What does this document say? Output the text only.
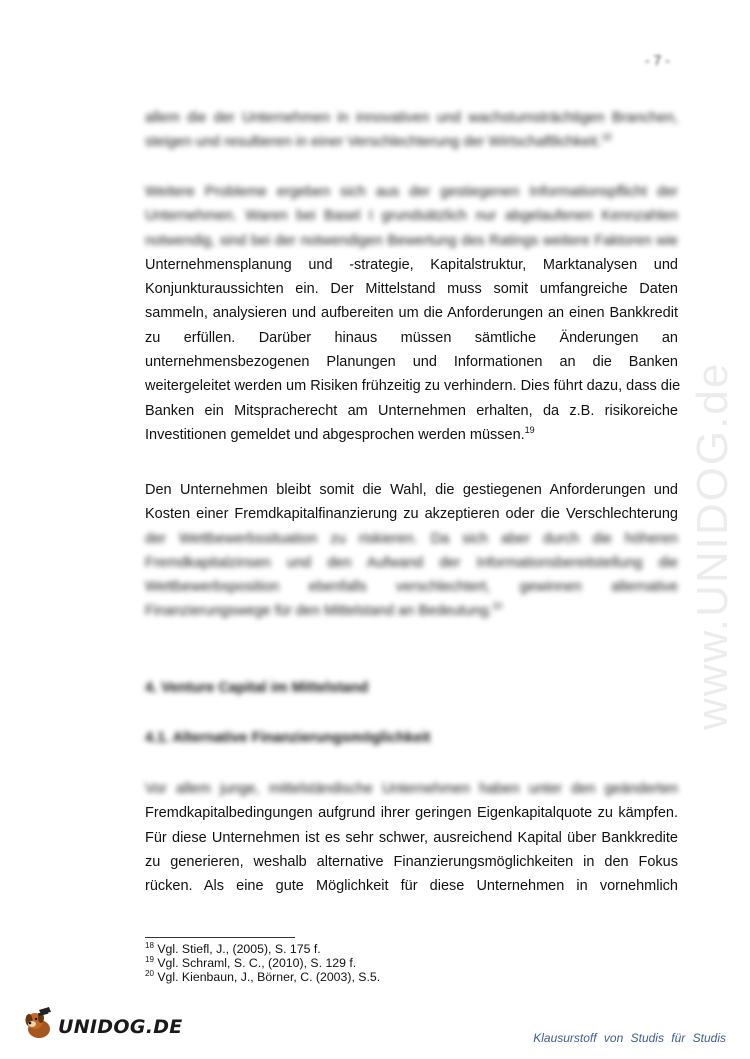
- 7 -
allem die der Unternehmen in innovativen und wachstumsträchtigen Branchen,
steigen und resultieren in einer Verschlechterung der Wirtschaftlichkeit.$^{18}$
Weitere Probleme ergeben sich aus der gestiegenen Informationspflicht der
Unternehmen. Waren bei Basel I grundsätzlich nur abgelaufenen Kennzahlen
notwendig, sind bei der notwendigen Bewertung des Ratings weitere Faktoren wie
Unternehmensplanung und -strategie, Kapitalstruktur, Marktanalysen und
Konjunkturaussichten ein. Der Mittelstand muss somit umfangreiche Daten
sammeln, analysieren und aufbereiten um die Anforderungen an einen Bankkredit
zu erfüllen. Darüber hinaus müssen sämtliche Änderungen an
unternehmensbezogenen Planungen und Informationen an die Banken
weitergeleitet werden um Risiken frühzeitig zu verhindern. Dies führt dazu, dass die
Banken ein Mitspracherecht am Unternehmen erhalten, da z.B. risikoreiche
Investitionen gemeldet und abgesprochen werden müssen.$^{19}$
Den Unternehmen bleibt somit die Wahl, die gestiegenen Anforderungen und
Kosten einer Fremdkapitalfinanzierung zu akzeptieren oder die Verschlechterung
der Wettbewerbssituation zu riskieren. Da sich aber durch die höheren
Fremdkapitalzinsen und den Aufwand der Informationsbereitstellung die
Wettbewerbsposition ebenfalls verschlechtert, gewinnen alternative
Finanzierungswege für den Mittelstand an Bedeutung.$^{20}$
4. Venture Capital im Mittelstand
4.1. Alternative Finanzierungsmöglichkeit
Vor allem junge, mittelständische Unternehmen haben unter den geänderten
Fremdkapitalbedingungen aufgrund ihrer geringen Eigenkapitalquote zu kämpfen.
Für diese Unternehmen ist es sehr schwer, ausreichend Kapital über Bankkredite
zu generieren, weshalb alternative Finanzierungsmöglichkeiten in den Fokus
rücken. Als eine gute Möglichkeit für diese Unternehmen in vornehmlich
$^{18}$ Vgl. Stiefl, J., (2005), S. 175 f.
$^{19}$ Vgl. Schraml, S. C., (2010), S. 129 f.
$^{20}$ Vgl. Kienbaun, J., Börner, C. (2003), S.5.
www.UNIDOG.de
UNIDOG.DE
Klausurstoff von Studis für Studis
